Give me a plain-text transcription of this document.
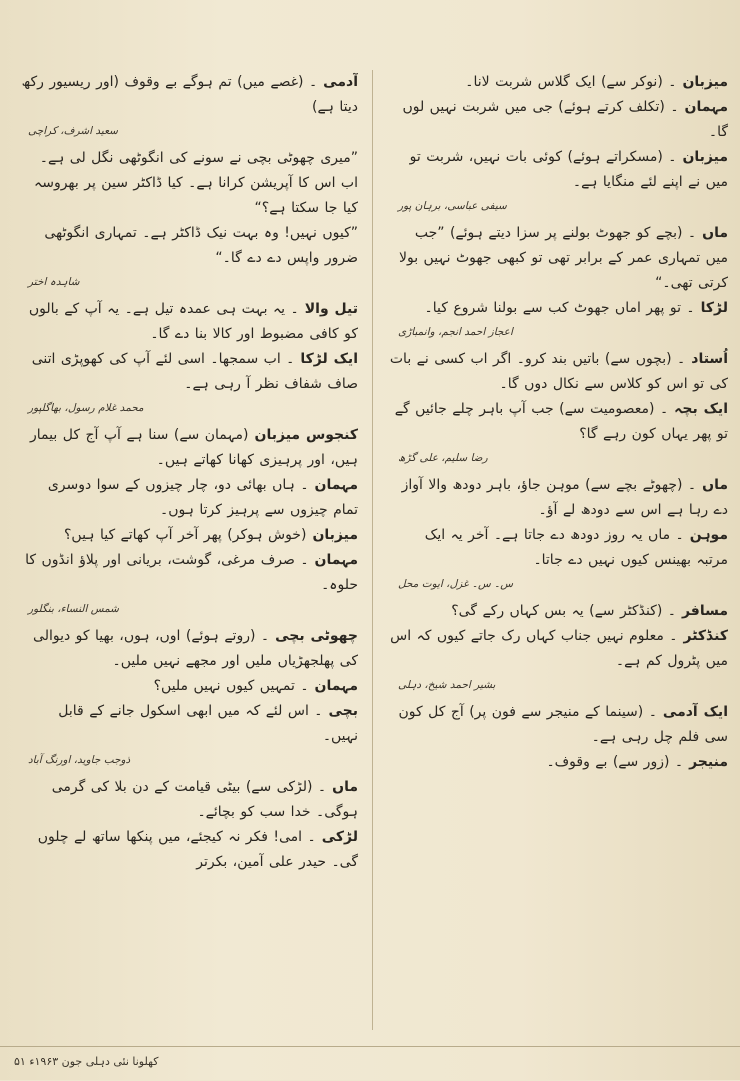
میزبان۔ (نوکر سے) ایک گلاس شربت لانا۔

مہمان۔ (تکلف کرتے ہوئے) جی میں شربت نہیں لوں گا۔

میزبان۔ (مسکراتے ہوئے) کوئی بات نہیں، شربت تو میں نے اپنے لئے منگایا ہے۔

سیفی عباسی، برہان پور

ماں۔ (بچے کو جھوٹ بولنے پر سزا دیتے ہوئے) ”جب میں تمہاری عمر کے برابر تھی تو کبھی جھوٹ نہیں بولا کرتی تھی۔“

لڑکا۔ تو پھر اماں جھوٹ کب سے بولنا شروع کیا۔

اعجاز احمد انجم، وانمباڑی

اُستاد۔ (بچوں سے) باتیں بند کرو۔ اگر اب کسی نے بات کی تو اس کو کلاس سے نکال دوں گا۔

ایک بچہ۔ (معصومیت سے) جب آپ باہر چلے جائیں گے تو پھر یہاں کون رہے گا؟

رضا سلیم، علی گڑھ

ماں۔ (چھوٹے بچے سے) موہن جاؤ، باہر دودھ والا آواز دے رہا ہے اس سے دودھ لے آؤ۔

موہن۔ ماں یہ روز دودھ دے جاتا ہے۔ آخر یہ ایک مرتبہ بھینس کیوں نہیں دے جاتا۔

س۔ س۔ غزل، ایوت محل

مسافر۔ (کنڈکٹر سے) یہ بس کہاں رکے گی؟

کنڈکٹر۔ معلوم نہیں جناب کہاں رک جاتے کیوں کہ اس میں پٹرول کم ہے۔

بشیر احمد شیخ، دہلی

ایک آدمی۔ (سینما کے منیجر سے فون پر) آج کل کون سی فلم چل رہی ہے۔

منیجر۔ (زور سے) بے وقوف۔

آدمی۔ (غصے میں) تم ہوگے بے وقوف (اور ریسیور رکھ دیتا ہے)

سعید اشرف، کراچی

”میری چھوٹی بچی نے سونے کی انگوٹھی نگل لی ہے۔ اب اس کا آپریشن کرانا ہے۔ کیا ڈاکٹر سین پر بھروسہ کیا جا سکتا ہے؟“

”کیوں نہیں! وہ بہت نیک ڈاکٹر ہے۔ تمہاری انگوٹھی ضرور واپس دے دے گا۔“

شاہدہ اختر

تیل والا۔ یہ بہت ہی عمدہ تیل ہے۔ یہ آپ کے بالوں کو کافی مضبوط اور کالا بنا دے گا۔

ایک لڑکا۔ اب سمجھا۔ اسی لئے آپ کی کھوپڑی اتنی صاف شفاف نظر آ رہی ہے۔

محمد غلام رسول، بھاگلپور

کنجوس میزبان(مہمان سے) سنا ہے آپ آج کل بیمار ہیں، اور پرہیزی کھانا کھاتے ہیں۔

مہمان۔ ہاں بھائی دو، چار چیزوں کے سوا دوسری تمام چیزوں سے پرہیز کرتا ہوں۔

میزبان(خوش ہوکر) پھر آخر آپ کھاتے کیا ہیں؟

مہمان۔ صرف مرغی، گوشت، بریانی اور پلاؤ انڈوں کا حلوہ۔

شمس النساء، بنگلور

چھوٹی بچی۔ (روتے ہوئے) اوں، ہوں، بھیا کو دیوالی کی پھلجھڑیاں ملیں اور مجھے نہیں ملیں۔

مہمان۔ تمہیں کیوں نہیں ملیں؟

بچی۔ اس لئے کہ میں ابھی اسکول جانے کے قابل نہیں۔

ذوجب جاوید، اورنگ آباد

ماں۔ (لڑکی سے) بیٹی قیامت کے دن بلا کی گرمی ہوگی۔ خدا سب کو بچائے۔

لڑکی۔ امی! فکر نہ کیجئے، میں پنکھا ساتھ لے چلوں گی۔ حیدر علی آمین، بکرتر

کھلونا نئی دہلی جون ۱۹۶۳ء ۵۱
